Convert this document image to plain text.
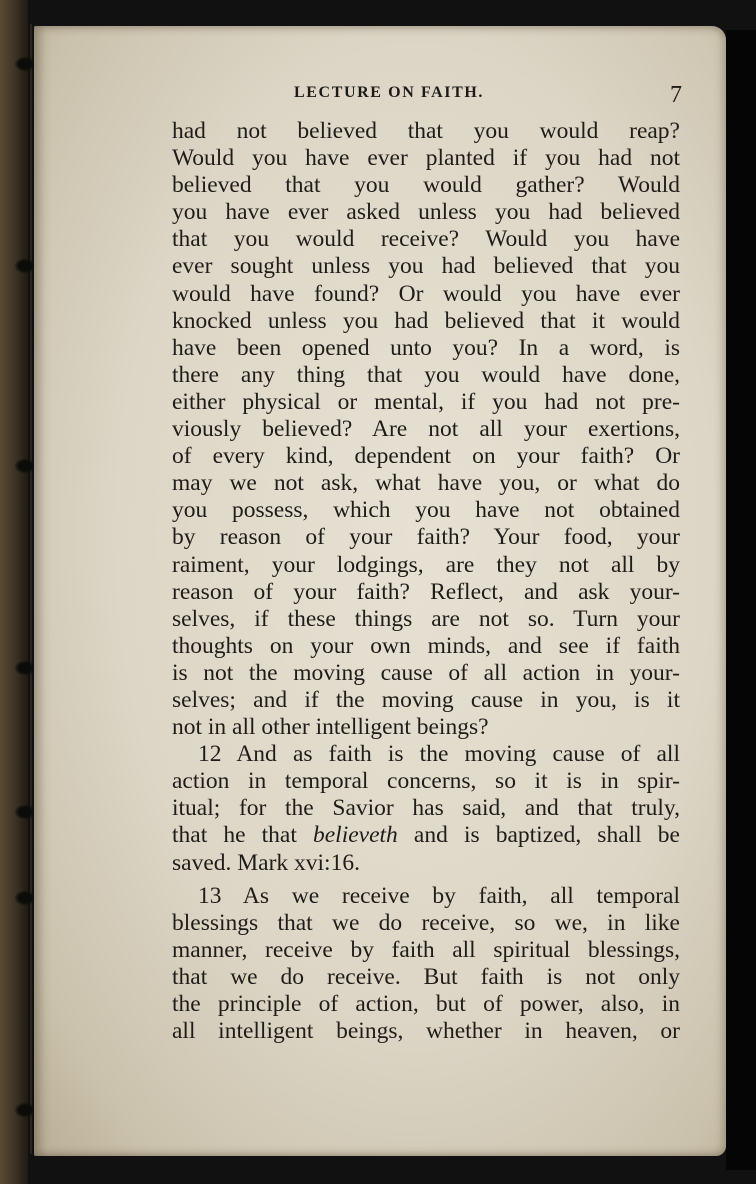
LECTURE ON FAITH.	7
had not believed that you would reap?
Would you have ever planted if you had not
believed that you would gather? Would
you have ever asked unless you had believed
that you would receive? Would you have
ever sought unless you had believed that you
would have found? Or would you have ever
knocked unless you had believed that it would
have been opened unto you? In a word, is
there any thing that you would have done,
either physical or mental, if you had not pre-
viously believed? Are not all your exertions,
of every kind, dependent on your faith? Or
may we not ask, what have you, or what do
you possess, which you have not obtained
by reason of your faith? Your food, your
raiment, your lodgings, are they not all by
reason of your faith? Reflect, and ask your-
selves, if these things are not so. Turn your
thoughts on your own minds, and see if faith
is not the moving cause of all action in your-
selves; and if the moving cause in you, is it
not in all other intelligent beings?
12 And as faith is the moving cause of all
action in temporal concerns, so it is in spir-
itual; for the Savior has said, and that truly,
that he that believeth and is baptized, shall be
saved. Mark xvi:16.
13 As we receive by faith, all temporal
blessings that we do receive, so we, in like
manner, receive by faith all spiritual blessings,
that we do receive. But faith is not only
the principle of action, but of power, also, in
all intelligent beings, whether in heaven, or
